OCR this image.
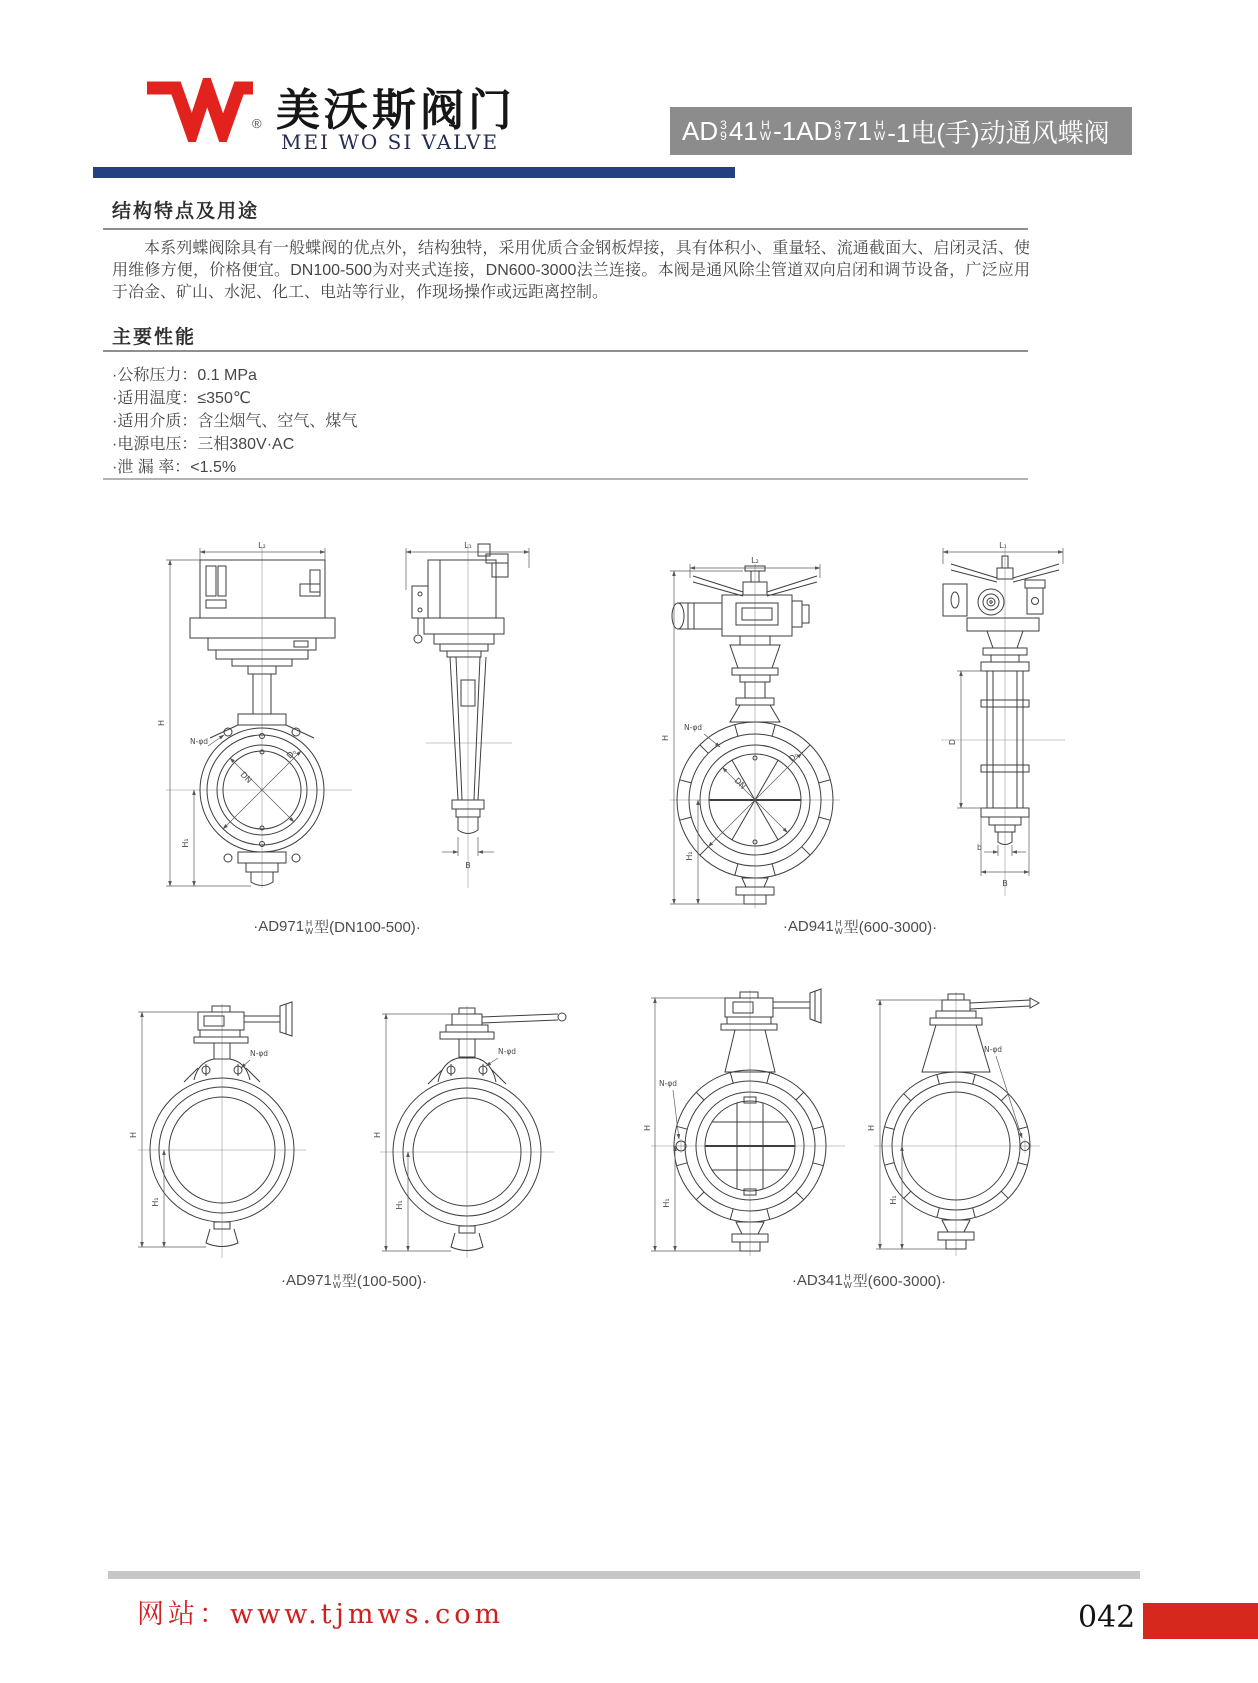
® 美沃斯阀门
MEI WO SI VALVE	AD 3
9 41 H
W -1AD 3
9 71 H
W -1电(手)动通风蝶阀
结构特点及用途
本系列蝶阀除具有一般蝶阀的优点外，结构独特，采用优质合金钢板焊接，具有体积小、重量轻、流通截面大、启闭灵活、使用维修方便，价格便宜。DN100-500为对夹式连接，DN600-3000法兰连接。本阀是通风除尘管道双向启闭和调节设备，广泛应用于冶金、矿山、水泥、化工、电站等行业，作现场操作或远距离控制。
主要性能
·公称压力：0.1 MPa
·适用温度：≤350℃
·适用介质：含尘烟气、空气、煤气
·电源电压：三相380V·AC
·泄 漏 率：<1.5%
L₂
D₀
DN
H
H₁
N-φd
L₁
B
L₂
D₀
DN
H
H₁
N-φd
L₁
D
b
B
·AD971 H
W 型(DN100-500)·	·AD941 H
W 型(600-3000)·
H
H₁
N-φd
H
H₁
N-φd
N-φd
H
H₁
N-φd
H
H₁
·AD971 H
W 型(100-500)·	·AD341 H
W 型(600-3000)·
网站：www.tjmws.com	042
